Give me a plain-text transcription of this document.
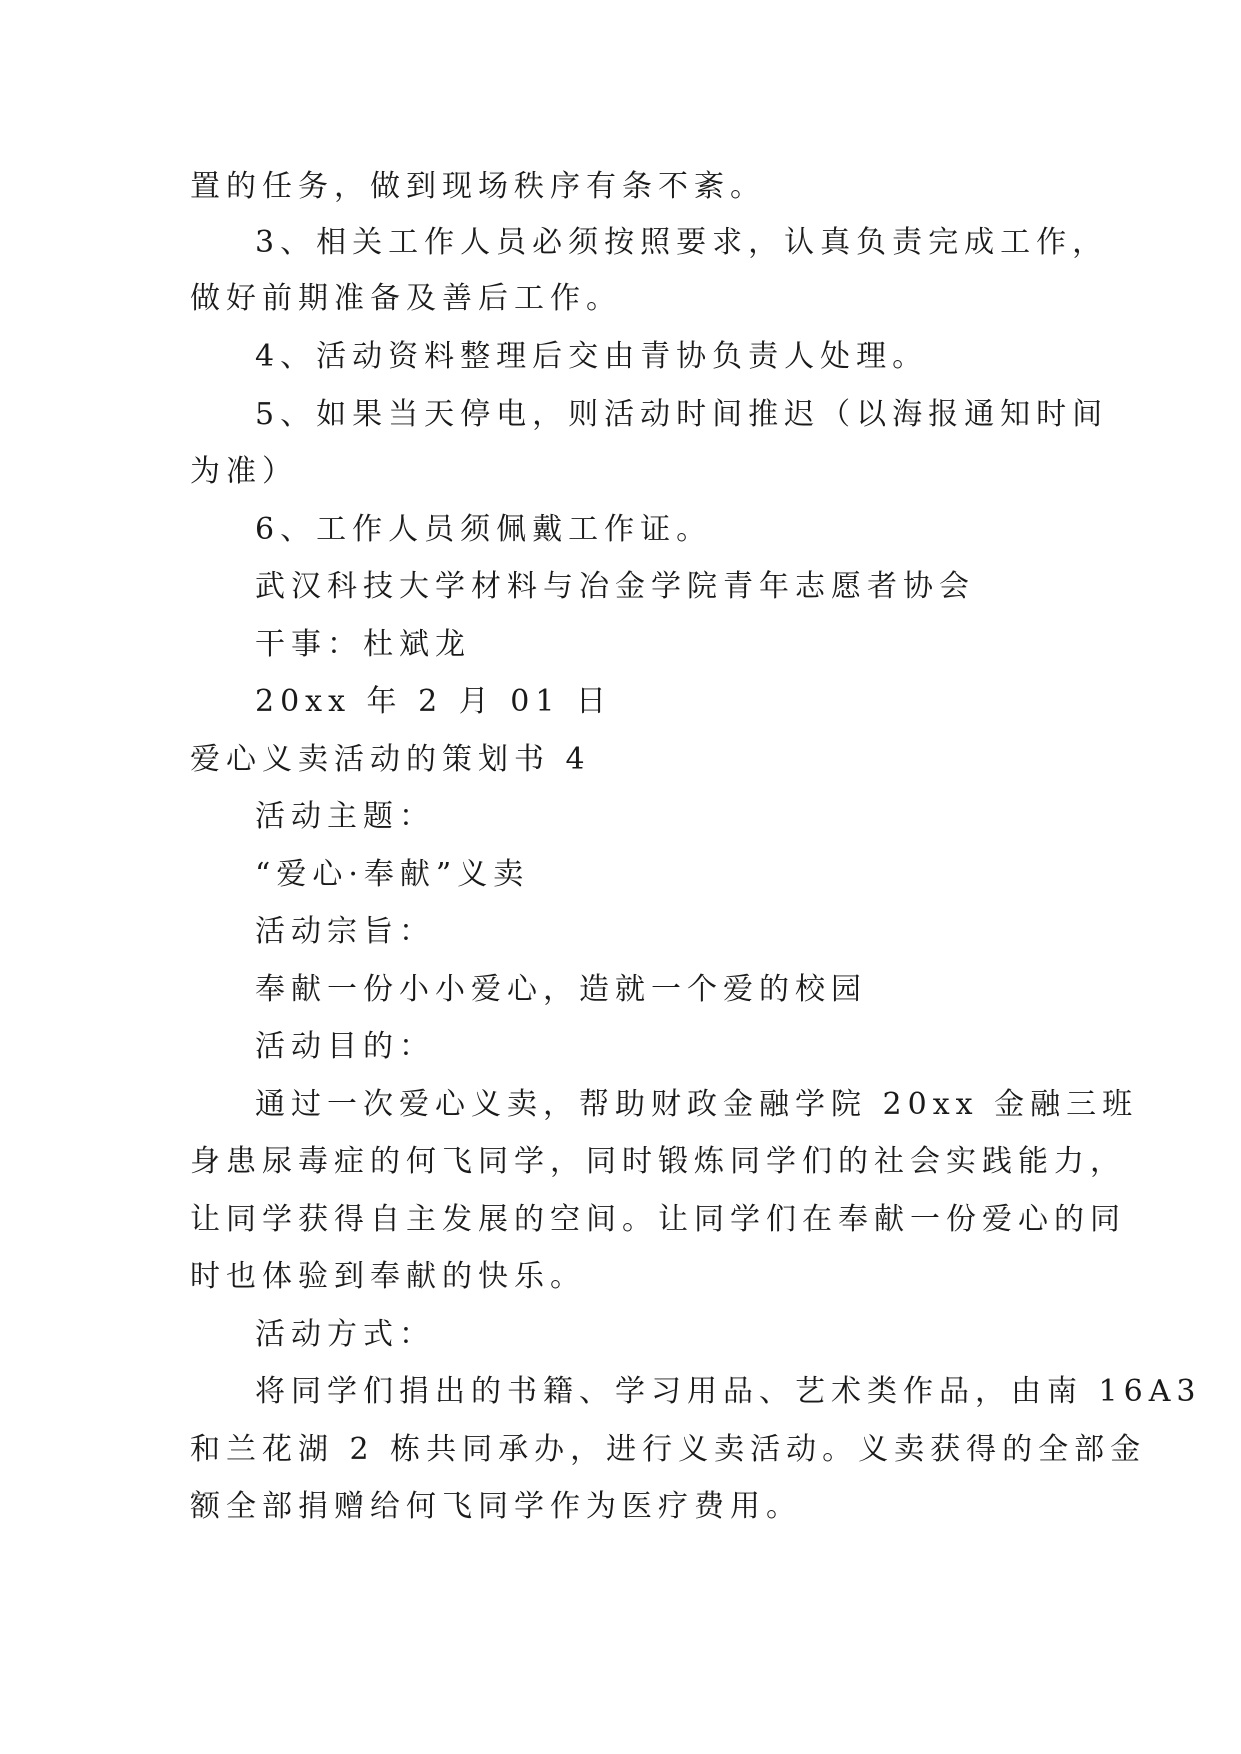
置的任务，做到现场秩序有条不紊。
3、相关工作人员必须按照要求，认真负责完成工作，
做好前期准备及善后工作。
4、活动资料整理后交由青协负责人处理。
5、如果当天停电，则活动时间推迟（以海报通知时间
为准）
6、工作人员须佩戴工作证。
武汉科技大学材料与冶金学院青年志愿者协会
干事：杜斌龙
20xx 年 2 月 01 日
爱心义卖活动的策划书 4
活动主题：
“爱心·奉献”义卖
活动宗旨：
奉献一份小小爱心，造就一个爱的校园
活动目的：
通过一次爱心义卖，帮助财政金融学院 20xx 金融三班
身患尿毒症的何飞同学，同时锻炼同学们的社会实践能力，
让同学获得自主发展的空间。让同学们在奉献一份爱心的同
时也体验到奉献的快乐。
活动方式：
将同学们捐出的书籍、学习用品、艺术类作品，由南 16A3
和兰花湖 2 栋共同承办，进行义卖活动。义卖获得的全部金
额全部捐赠给何飞同学作为医疗费用。
